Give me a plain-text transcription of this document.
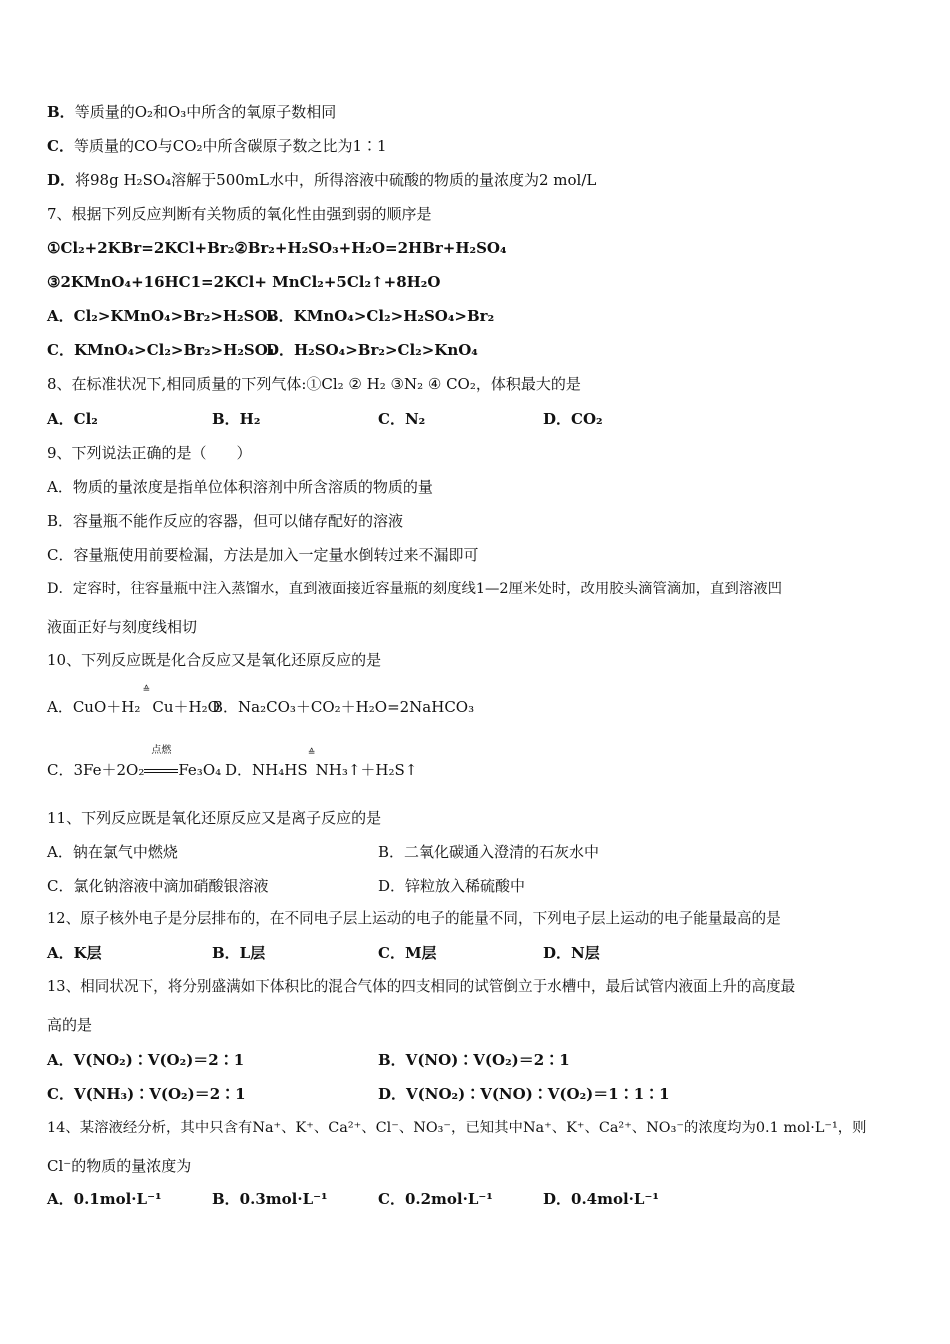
B．等质量的O₂和O₃中所含的氧原子数相同
C．等质量的CO与CO₂中所含碳原子数之比为1∶1
D．将98g H₂SO₄溶解于500mL水中，所得溶液中硫酸的物质的量浓度为2 mol/L
7、根据下列反应判断有关物质的氧化性由强到弱的顺序是
①Cl₂+2KBr=2KCl+Br₂②Br₂+H₂SO₃+H₂O=2HBr+H₂SO₄
③2KMnO₄+16HC1=2KCl+ MnCl₂+5Cl₂↑+8H₂O
A．Cl₂>KMnO₄>Br₂>H₂SO₄
B．KMnO₄>Cl₂>H₂SO₄>Br₂
C．KMnO₄>Cl₂>Br₂>H₂SO₄
D．H₂SO₄>Br₂>Cl₂>KnO₄
8、在标准状况下,相同质量的下列气体:①Cl₂ ② H₂ ③N₂ ④ CO₂，体积最大的是
A．Cl₂	B．H₂	C．N₂	D．CO₂
9、下列说法正确的是（　　）
A．物质的量浓度是指单位体积溶剂中所含溶质的物质的量
B．容量瓶不能作反应的容器，但可以储存配好的溶液
C．容量瓶使用前要检漏，方法是加入一定量水倒转过来不漏即可
D．定容时，往容量瓶中注入蒸馏水，直到液面接近容量瓶的刻度线1—2厘米处时，改用胶头滴管滴加，直到溶液凹
液面正好与刻度线相切
10、下列反应既是化合反应又是氧化还原反应的是
A．CuO＋H₂
≙
Cu＋H₂O
B．Na₂CO₃＋CO₂＋H₂O=2NaHCO₃
C．3Fe＋2O₂
点燃
Fe₃O₄ D．NH₄HS
≙
NH₃↑＋H₂S↑
11、下列反应既是氧化还原反应又是离子反应的是
A．钠在氯气中燃烧	B．二氧化碳通入澄清的石灰水中
C．氯化钠溶液中滴加硝酸银溶液	D．锌粒放入稀硫酸中
12、原子核外电子是分层排布的，在不同电子层上运动的电子的能量不同，下列电子层上运动的电子能量最高的是
A．K层	B．L层	C．M层	D．N层
13、相同状况下，将分别盛满如下体积比的混合气体的四支相同的试管倒立于水槽中，最后试管内液面上升的高度最
高的是
A．V(NO₂)∶V(O₂)＝2∶1	B．V(NO)∶V(O₂)＝2∶1
C．V(NH₃)∶V(O₂)＝2∶1	D．V(NO₂)∶V(NO)∶V(O₂)＝1∶1∶1
14、某溶液经分析，其中只含有Na⁺、K⁺、Ca²⁺、Cl⁻、NO₃⁻，已知其中Na⁺、K⁺、Ca²⁺、NO₃⁻的浓度均为0.1 mol·L⁻¹，则
Cl⁻的物质的量浓度为
A．0.1mol·L⁻¹	B．0.3mol·L⁻¹	C．0.2mol·L⁻¹	D．0.4mol·L⁻¹
